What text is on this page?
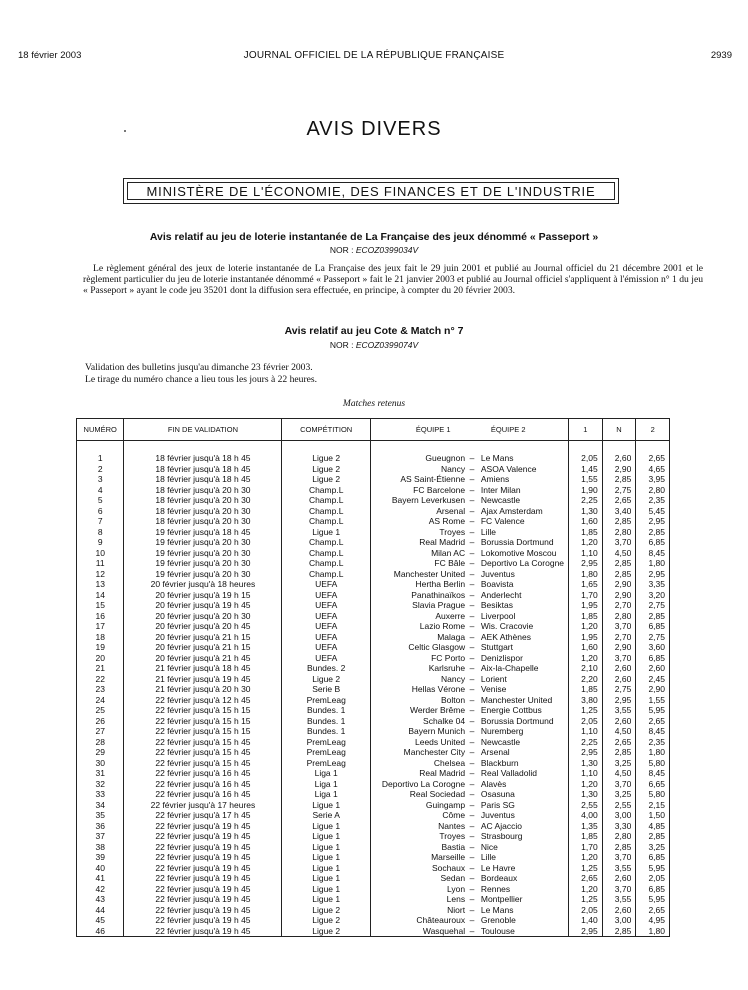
18 février 2003	JOURNAL OFFICIEL DE LA RÉPUBLIQUE FRANÇAISE	2939
AVIS DIVERS
MINISTÈRE DE L'ÉCONOMIE, DES FINANCES ET DE L'INDUSTRIE
Avis relatif au jeu de loterie instantanée de La Française des jeux dénommé « Passeport »
NOR : ECOZ0399034V
Le règlement général des jeux de loterie instantanée de La Française des jeux fait le 29 juin 2001 et publié au Journal officiel du 21 décembre 2001 et le règlement particulier du jeu de loterie instantanée dénommé « Passeport » fait le 21 janvier 2003 et publié au Journal officiel s'appliquent à l'émission n° 1 du jeu « Passeport » ayant le code jeu 35201 dont la diffusion sera effectuée, en principe, à compter du 20 février 2003.
Avis relatif au jeu Cote & Match n° 7
NOR : ECOZ0399074V
Validation des bulletins jusqu'au dimanche 23 février 2003.
Le tirage du numéro chance a lieu tous les jours à 22 heures.
Matches retenus
NUMÉRO	FIN DE VALIDATION	COMPÉTITION	ÉQUIPE 1 ÉQUIPE 2			1	N	2

1	18 février jusqu'à 18 h 45	Ligue 2	Gueugnon	–	Le Mans	2,05	2,60	2,65
2	18 février jusqu'à 18 h 45	Ligue 2	Nancy	–	ASOA Valence	1,45	2,90	4,65
3	18 février jusqu'à 18 h 45	Ligue 2	AS Saint-Étienne	–	Amiens	1,55	2,85	3,95
4	18 février jusqu'à 20 h 30	Champ.L	FC Barcelone	–	Inter Milan	1,90	2,75	2,80
5	18 février jusqu'à 20 h 30	Champ.L	Bayern Leverkusen	–	Newcastle	2,25	2,65	2,35
6	18 février jusqu'à 20 h 30	Champ.L	Arsenal	–	Ajax Amsterdam	1,30	3,40	5,45
7	18 février jusqu'à 20 h 30	Champ.L	AS Rome	–	FC Valence	1,60	2,85	2,95
8	19 février jusqu'à 18 h 45	Ligue 1	Troyes	–	Lille	1,85	2,80	2,85
9	19 février jusqu'à 20 h 30	Champ.L	Real Madrid	–	Borussia Dortmund	1,20	3,70	6,85
10	19 février jusqu'à 20 h 30	Champ.L	Milan AC	–	Lokomotive Moscou	1,10	4,50	8,45
11	19 février jusqu'à 20 h 30	Champ.L	FC Bâle	–	Deportivo La Corogne	2,95	2,85	1,80
12	19 février jusqu'à 20 h 30	Champ.L	Manchester United	–	Juventus	1,80	2,85	2,95
13	20 février jusqu'à 18 heures	UEFA	Hertha Berlin	–	Boavista	1,65	2,90	3,35
14	20 février jusqu'à 19 h 15	UEFA	Panathinaïkos	–	Anderlecht	1,70	2,90	3,20
15	20 février jusqu'à 19 h 45	UEFA	Slavia Prague	–	Besiktas	1,95	2,70	2,75
16	20 février jusqu'à 20 h 30	UEFA	Auxerre	–	Liverpool	1,85	2,80	2,85
17	20 février jusqu'à 20 h 45	UEFA	Lazio Rome	–	Wis. Cracovie	1,20	3,70	6,85
18	20 février jusqu'à 21 h 15	UEFA	Malaga	–	AEK Athènes	1,95	2,70	2,75
19	20 février jusqu'à 21 h 15	UEFA	Celtic Glasgow	–	Stuttgart	1,60	2,90	3,60
20	20 février jusqu'à 21 h 45	UEFA	FC Porto	–	Denizlispor	1,20	3,70	6,85
21	21 février jusqu'à 18 h 45	Bundes. 2	Karlsruhe	–	Aix-la-Chapelle	2,10	2,60	2,60
22	21 février jusqu'à 19 h 45	Ligue 2	Nancy	–	Lorient	2,20	2,60	2,45
23	21 février jusqu'à 20 h 30	Serie B	Hellas Vérone	–	Venise	1,85	2,75	2,90
24	22 février jusqu'à 12 h 45	PremLeag	Bolton	–	Manchester United	3,80	2,95	1,55
25	22 février jusqu'à 15 h 15	Bundes. 1	Werder Brême	–	Energie Cottbus	1,25	3,55	5,95
26	22 février jusqu'à 15 h 15	Bundes. 1	Schalke 04	–	Borussia Dortmund	2,05	2,60	2,65
27	22 février jusqu'à 15 h 15	Bundes. 1	Bayern Munich	–	Nuremberg	1,10	4,50	8,45
28	22 février jusqu'à 15 h 45	PremLeag	Leeds United	–	Newcastle	2,25	2,65	2,35
29	22 février jusqu'à 15 h 45	PremLeag	Manchester City	–	Arsenal	2,95	2,85	1,80
30	22 février jusqu'à 15 h 45	PremLeag	Chelsea	–	Blackburn	1,30	3,25	5,80
31	22 février jusqu'à 16 h 45	Liga 1	Real Madrid	–	Real Valladolid	1,10	4,50	8,45
32	22 février jusqu'à 16 h 45	Liga 1	Deportivo La Corogne	–	Alavès	1,20	3,70	6,65
33	22 février jusqu'à 16 h 45	Liga 1	Real Sociedad	–	Osasuna	1,30	3,25	5,80
34	22 février jusqu'à 17 heures	Ligue 1	Guingamp	–	Paris SG	2,55	2,55	2,15
35	22 février jusqu'à 17 h 45	Serie A	Côme	–	Juventus	4,00	3,00	1,50
36	22 février jusqu'à 19 h 45	Ligue 1	Nantes	–	AC Ajaccio	1,35	3,30	4,85
37	22 février jusqu'à 19 h 45	Ligue 1	Troyes	–	Strasbourg	1,85	2,80	2,85
38	22 février jusqu'à 19 h 45	Ligue 1	Bastia	–	Nice	1,70	2,85	3,25
39	22 février jusqu'à 19 h 45	Ligue 1	Marseille	–	Lille	1,20	3,70	6,85
40	22 février jusqu'à 19 h 45	Ligue 1	Sochaux	–	Le Havre	1,25	3,55	5,95
41	22 février jusqu'à 19 h 45	Ligue 1	Sedan	–	Bordeaux	2,65	2,60	2,05
42	22 février jusqu'à 19 h 45	Ligue 1	Lyon	–	Rennes	1,20	3,70	6,85
43	22 février jusqu'à 19 h 45	Ligue 1	Lens	–	Montpellier	1,25	3,55	5,95
44	22 février jusqu'à 19 h 45	Ligue 2	Niort	–	Le Mans	2,05	2,60	2,65
45	22 février jusqu'à 19 h 45	Ligue 2	Châteauroux	–	Grenoble	1,40	3,00	4,95
46	22 février jusqu'à 19 h 45	Ligue 2	Wasquehal	–	Toulouse	2,95	2,85	1,80
